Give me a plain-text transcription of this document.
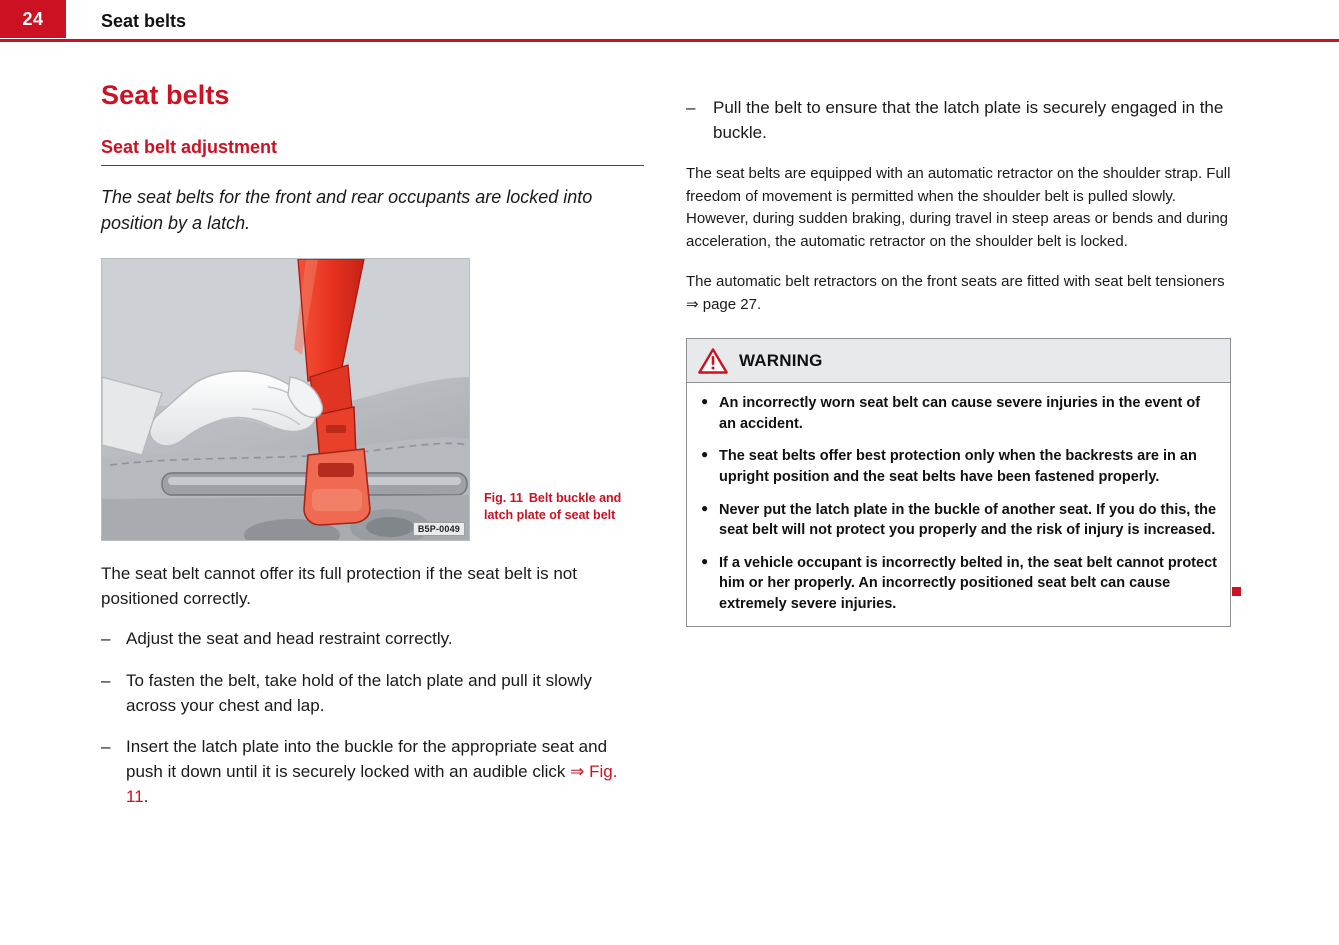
24	Seat belts
Seat belts
Seat belt adjustment

The seat belts for the front and rear occupants are locked into position by a latch.

B5P-0049
Fig. 11 Belt buckle and latch plate of seat belt

The seat belt cannot offer its full protection if the seat belt is not positioned correctly.

– Adjust the seat and head restraint correctly.
– To fasten the belt, take hold of the latch plate and pull it slowly across your chest and lap.
– Insert the latch plate into the buckle for the appropriate seat and push it down until it is securely locked with an audible click ⇒ Fig. 11.
– Pull the belt to ensure that the latch plate is securely engaged in the buckle.

The seat belts are equipped with an automatic retractor on the shoulder strap. Full freedom of movement is permitted when the shoulder belt is pulled slowly. However, during sudden braking, during travel in steep areas or bends and during acceleration, the automatic retractor on the shoulder belt is locked.

The automatic belt retractors on the front seats are fitted with seat belt tensioners ⇒ page 27.

WARNING
● An incorrectly worn seat belt can cause severe injuries in the event of an accident.
● The seat belts offer best protection only when the backrests are in an upright position and the seat belts have been fastened properly.
● Never put the latch plate in the buckle of another seat. If you do this, the seat belt will not protect you properly and the risk of injury is increased.
● If a vehicle occupant is incorrectly belted in, the seat belt cannot protect him or her properly. An incorrectly positioned seat belt can cause extremely severe injuries.
